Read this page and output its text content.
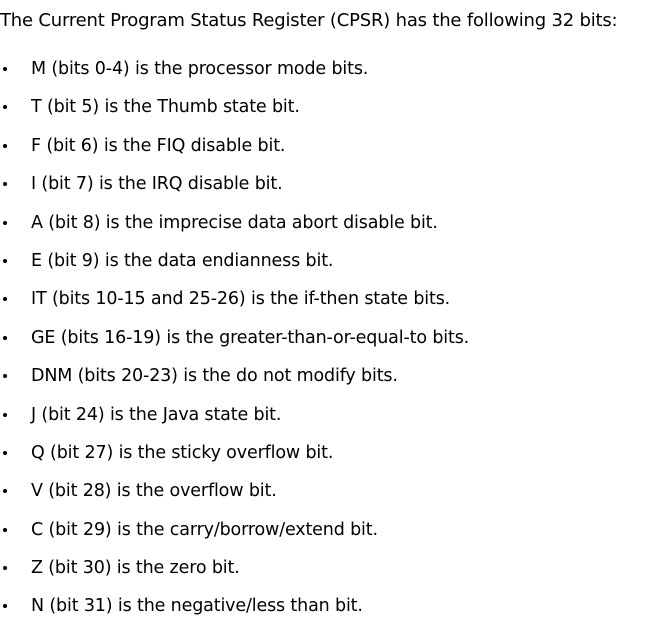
The Current Program Status Register (CPSR) has the following 32 bits:

M (bits 0-4) is the processor mode bits.
T (bit 5) is the Thumb state bit.
F (bit 6) is the FIQ disable bit.
I (bit 7) is the IRQ disable bit.
A (bit 8) is the imprecise data abort disable bit.
E (bit 9) is the data endianness bit.
IT (bits 10-15 and 25-26) is the if-then state bits.
GE (bits 16-19) is the greater-than-or-equal-to bits.
DNM (bits 20-23) is the do not modify bits.
J (bit 24) is the Java state bit.
Q (bit 27) is the sticky overflow bit.
V (bit 28) is the overflow bit.
C (bit 29) is the carry/borrow/extend bit.
Z (bit 30) is the zero bit.
N (bit 31) is the negative/less than bit.
